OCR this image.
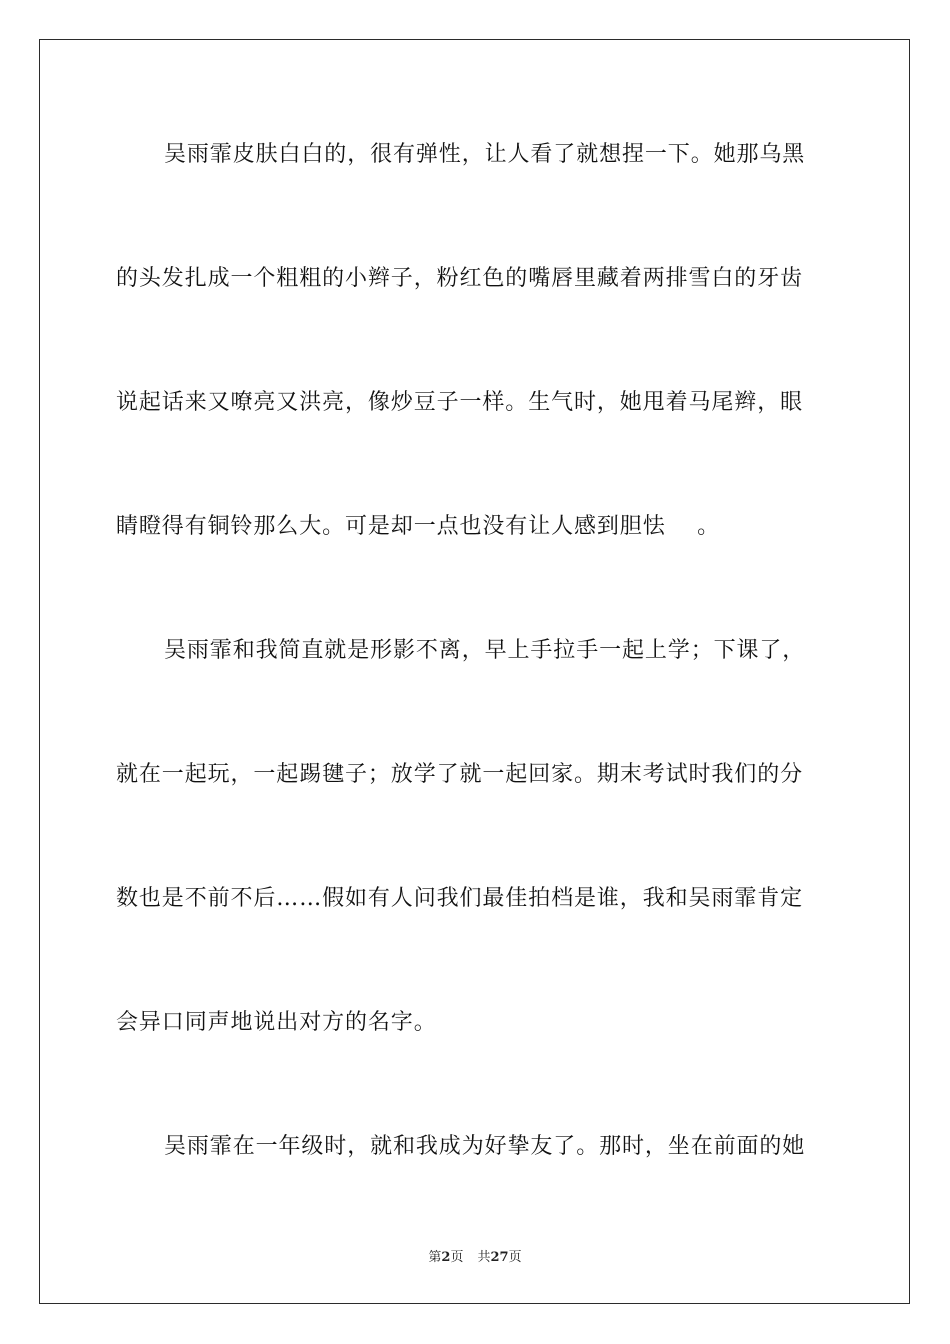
吴雨霏皮肤白白的，很有弹性，让人看了就想捏一下。她那乌黑

的头发扎成一个粗粗的小辫子，粉红色的嘴唇里藏着两排雪白的牙齿

说起话来又嘹亮又洪亮，像炒豆子一样。生气时，她甩着马尾辫，眼

睛瞪得有铜铃那么大。可是却一点也没有让人感到胆怯    。

吴雨霏和我简直就是形影不离，早上手拉手一起上学；下课了，

就在一起玩，一起踢毽子；放学了就一起回家。期末考试时我们的分

数也是不前不后……假如有人问我们最佳拍档是谁，我和吴雨霏肯定

会异口同声地说出对方的名字。

吴雨霏在一年级时，就和我成为好挚友了。那时，坐在前面的她

第2页 共27页
